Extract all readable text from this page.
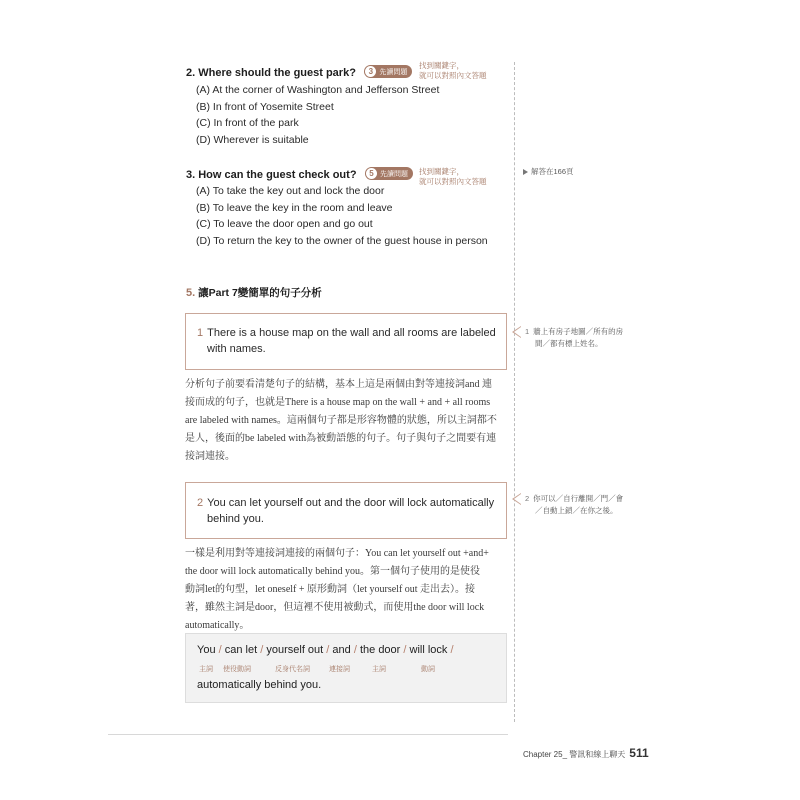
2. Where should the guest park?	3 先讀問題
找到關鍵字，
就可以對照內文答題
(A) At the corner of Washington and Jefferson Street
(B) In front of Yosemite Street
(C) In front of the park
(D) Wherever is suitable
3. How can the guest check out?	5 先讀問題 找到關鍵字，
就可以對照內文答題
(A) To take the key out and lock the door
(B) To leave the key in the room and leave
(C) To leave the door open and go out
(D) To return the key to the owner of the guest house in person
解答在166頁
5. 讓Part 7變簡單的句子分析
1 There is a house map on the wall and all rooms are labeled
with names.
1 牆上有房子地圖／所有的房
間／都有標上姓名。
分析句子前要看清楚句子的結構，基本上這是兩個由對等連接詞and 連
接而成的句子，也就是There is a house map on the wall + and + all rooms
are labeled with names。這兩個句子都是形容物體的狀態，所以主詞都不
是人，後面的be labeled with為被動語態的句子。句子與句子之間要有連
接詞連接。
2 You can let yourself out and the door will lock automatically
behind you.
2 你可以／自行離開／門／會
／自動上鎖／在你之後。
一樣是利用對等連接詞連接的兩個句子：You can let yourself out +and+
the door will lock automatically behind you。第一個句子使用的是使役
動詞let的句型，let oneself + 原形動詞（let yourself out 走出去）。接
著，雖然主詞是door，但這裡不使用被動式，而使用the door will lock
automatically。
You / can let / yourself out / and / the door / will lock /
主詞 使役動詞	反身代名詞	連接詞	主詞	動詞
automatically behind you.
Chapter 25_ 警訊和線上聊天 511
